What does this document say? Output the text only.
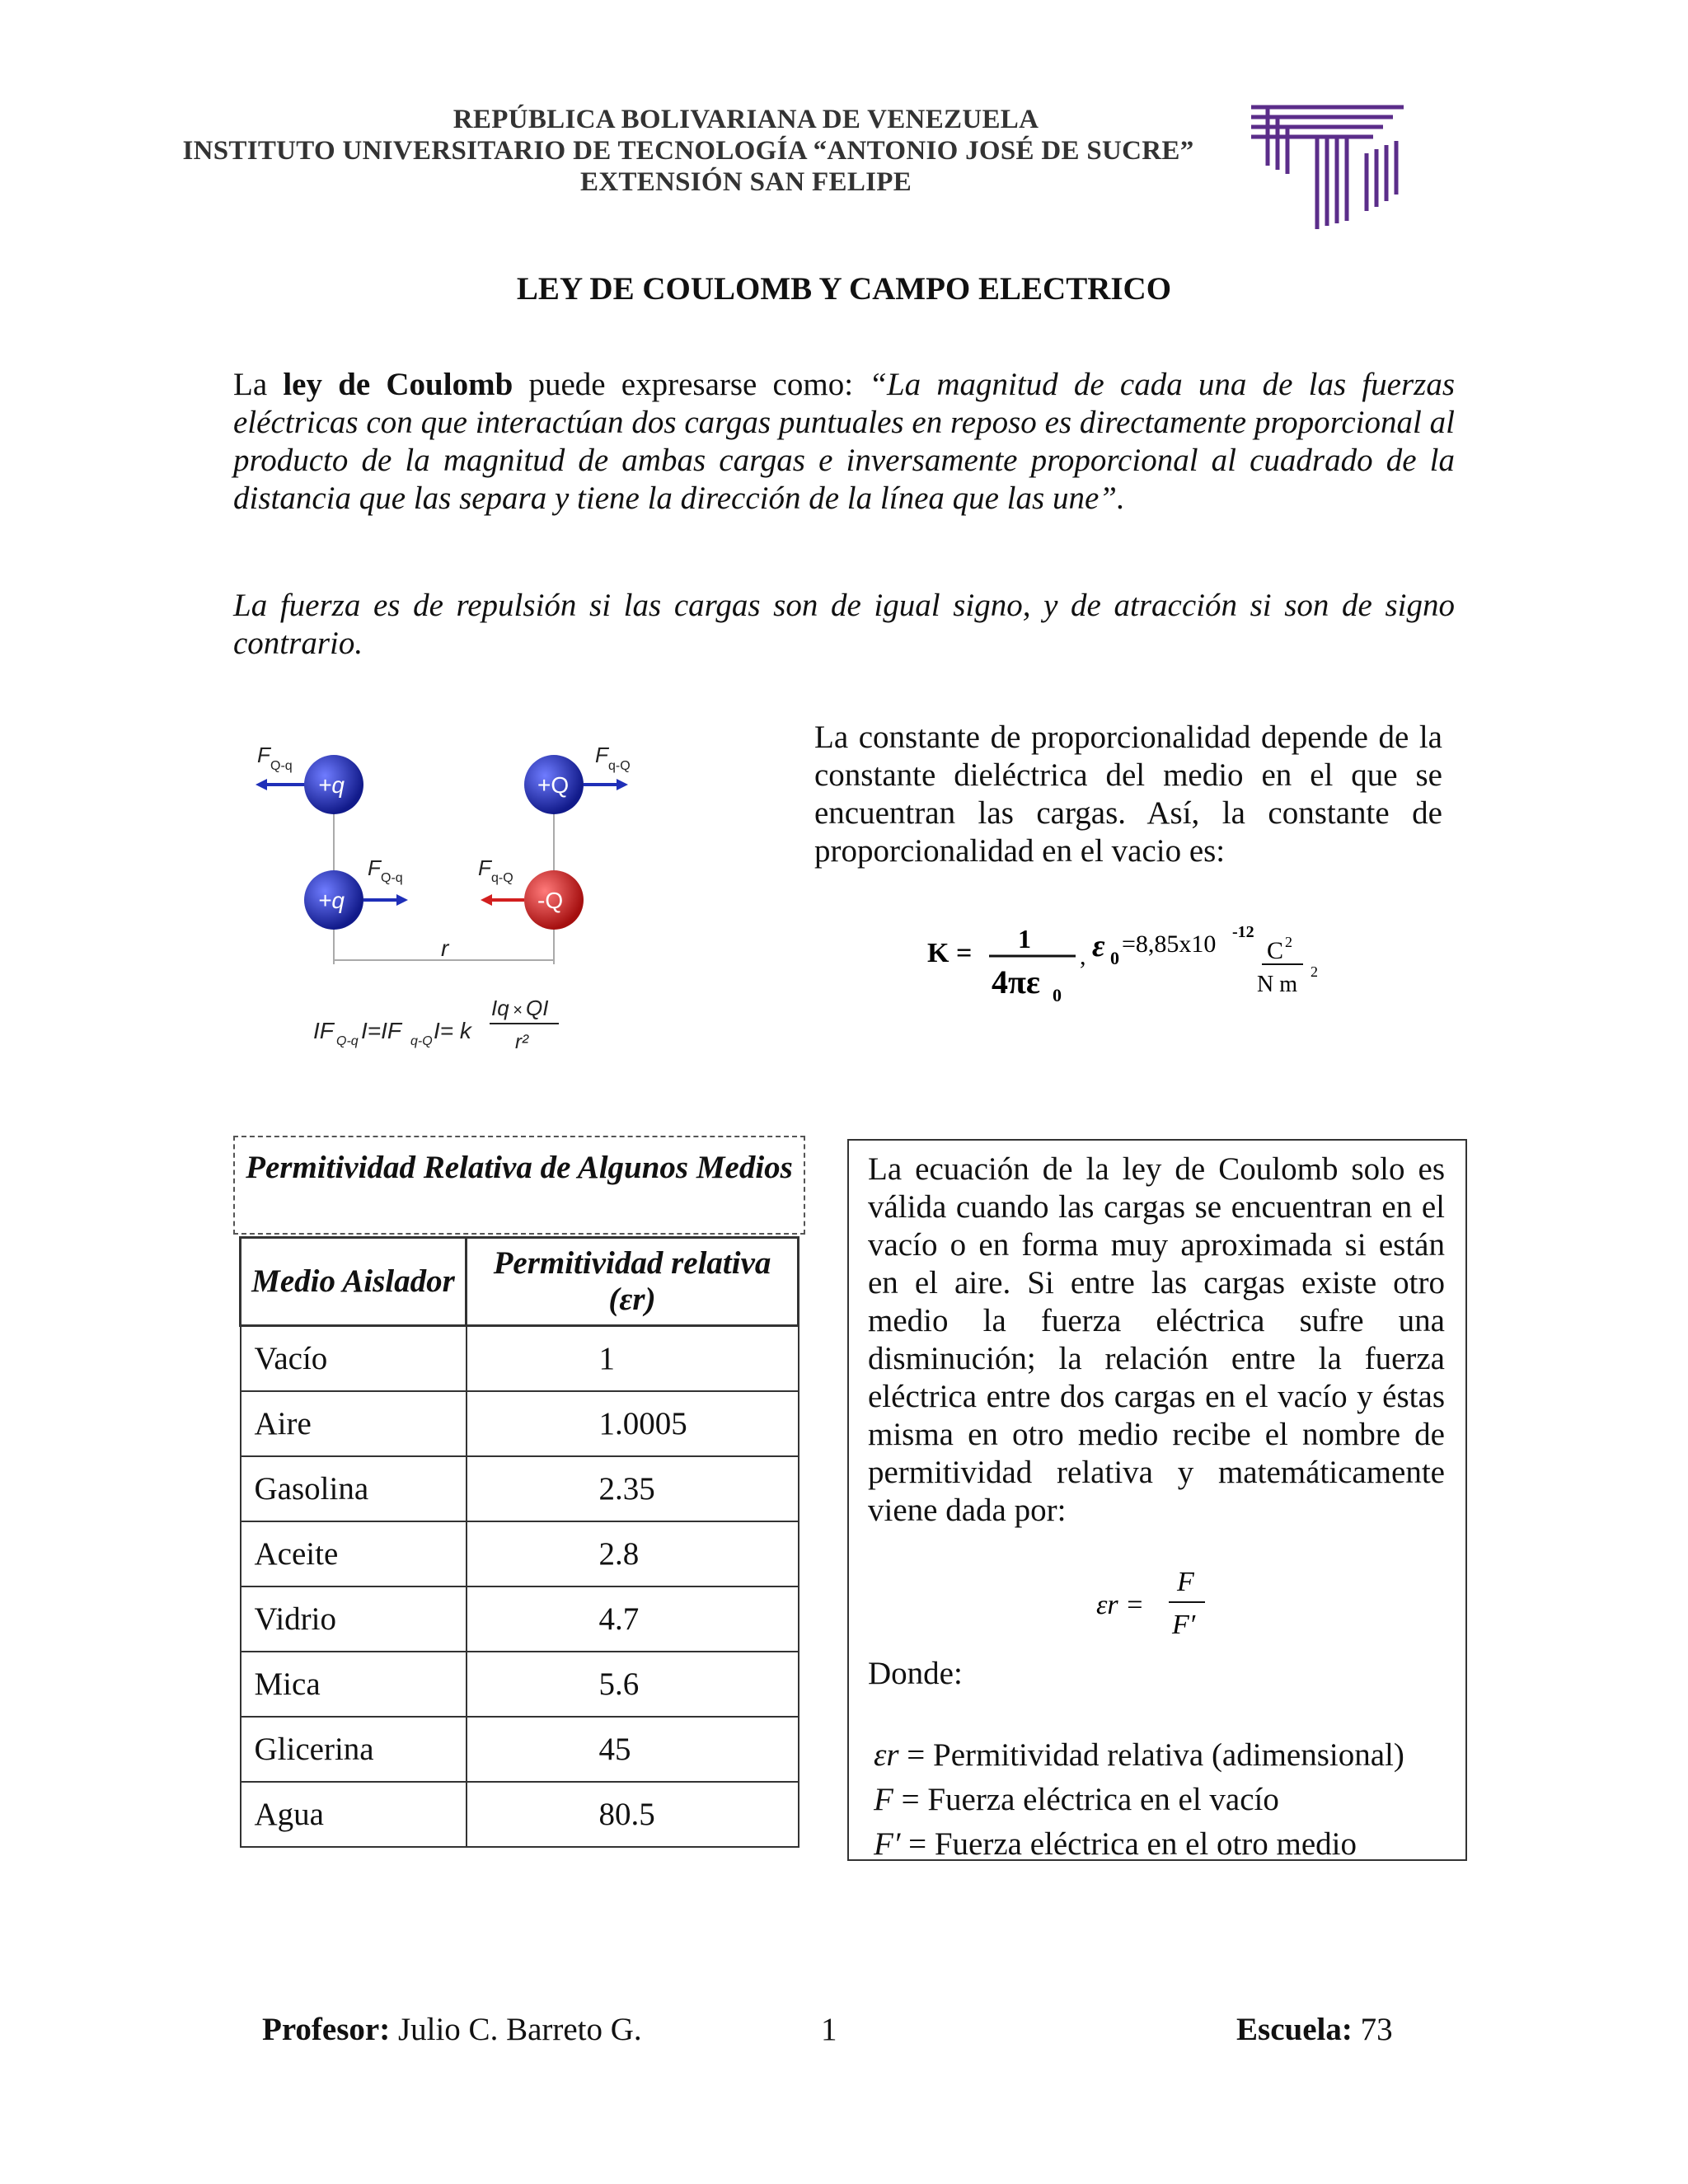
REPÚBLICA BOLIVARIANA DE VENEZUELA
INSTITUTO UNIVERSITARIO DE TECNOLOGÍA “ANTONIO JOSÉ DE SUCRE”
EXTENSIÓN SAN FELIPE
LEY DE COULOMB Y CAMPO ELECTRICO
La ley de Coulomb puede expresarse como: “La magnitud de cada una de las fuerzas eléctricas con que interactúan dos cargas puntuales en reposo es directamente proporcional al producto de la magnitud de ambas cargas e inversamente proporcional al cuadrado de la distancia que las separa y tiene la dirección de la línea que las une”.
La fuerza es de repulsión si las cargas son de igual signo, y de atracción si son de signo contrario.
r
F Q-q
+q	+Q
F q-Q
+q
F Q-q	F q-Q
-Q
IF Q-q I=IF q-Q I= k
Iq × QI
r²
La constante de proporcionalidad depende de la constante dieléctrica del medio en el que se encuentran las cargas. Así, la constante de proporcionalidad en el vacio es:
K = 1
4πε 0
, ε 0
=8,85x10 -12
C 2
N m 2
Permitividad Relativa de Algunos Medios
Medio Aislador	Permitividad relativa
(εr)
Vacío	1
Aire	1.0005
Gasolina	2.35
Aceite	2.8
Vidrio	4.7
Mica	5.6
Glicerina	45
Agua	80.5
La ecuación de la ley de Coulomb solo es válida cuando las cargas se encuentran en el vacío o en forma muy aproximada si están en el aire. Si entre las cargas existe otro medio la fuerza eléctrica sufre una disminución; la relación entre la fuerza eléctrica entre dos cargas en el vacío y éstas misma en otro medio recibe el nombre de permitividad relativa y matemáticamente viene dada por:
εr =
F
F′
Donde:
εr = Permitividad relativa (adimensional)
F = Fuerza eléctrica en el vacío
F′ = Fuerza eléctrica en el otro medio
Profesor: Julio C. Barreto G.	1	Escuela: 73
